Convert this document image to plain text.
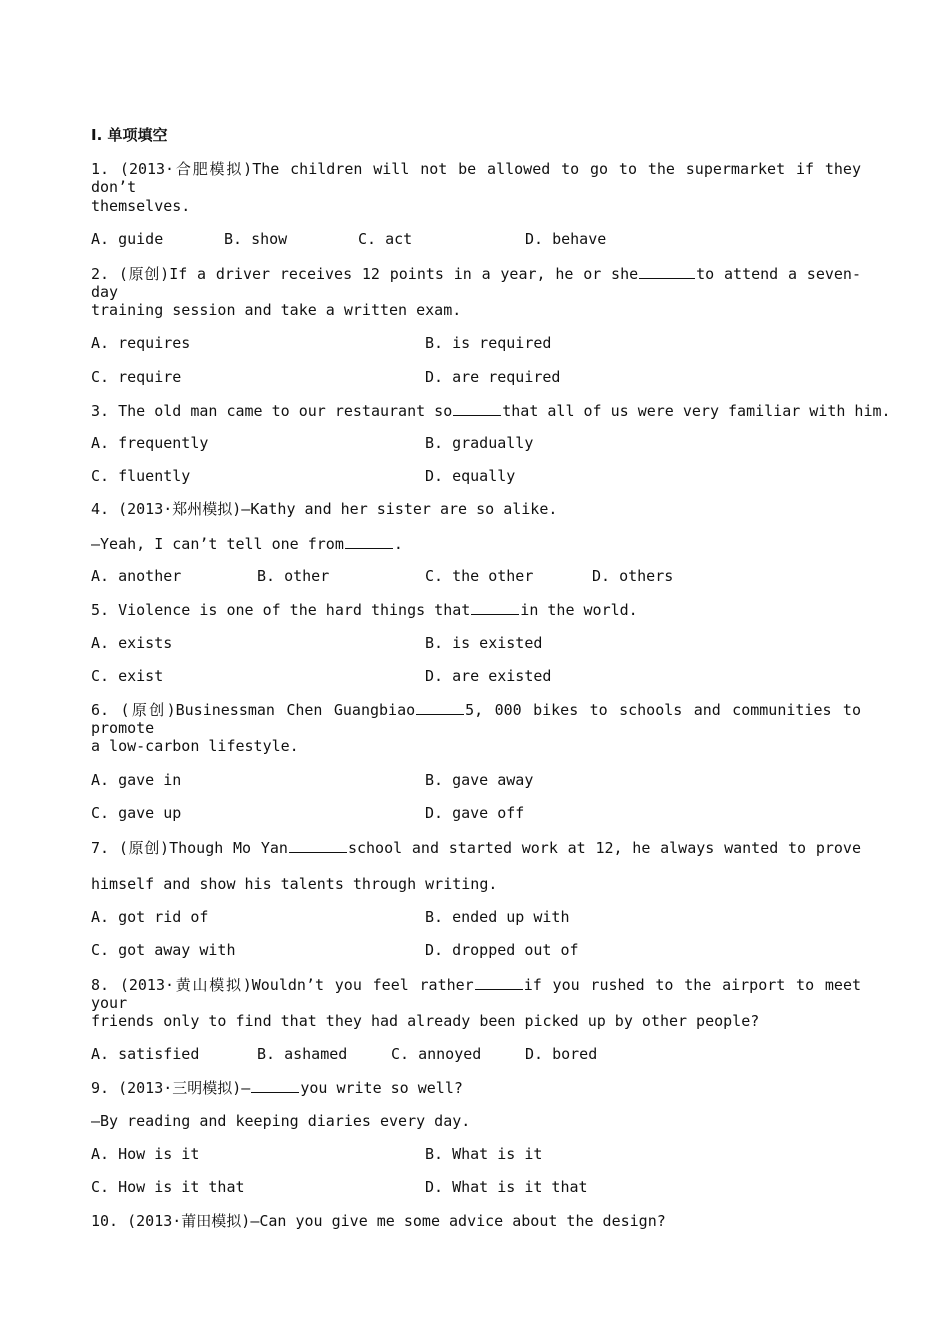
Ⅰ. 单项填空
1. (2013·合肥模拟)The children will not be allowed to go to the supermarket if they don’t
themselves.
A. guide	B. show	C. act	D. behave
2. (原创)If a driver receives 12 points in a year, he or she	to attend a seven-day
training session and take a written exam.
A. requires	B. is required
C. require	D. are required
3. The old man came to our restaurant so	that all of us were very familiar with him.
A. frequently	B. gradually
C. fluently	D. equally
4. (2013·郑州模拟)—Kathy and her sister are so alike.
—Yeah, I can’t tell one from	.
A. another	B. other	C. the other	D. others
5. Violence is one of the hard things that	in the world.
A. exists	B. is existed
C. exist	D. are existed
6. (原创)Businessman Chen Guangbiao	5, 000 bikes to schools and communities to promote
a low-carbon lifestyle.
A. gave in	B. gave away
C. gave up	D. gave off
7. (原创)Though Mo Yan	school and started work at 12, he always wanted to prove
himself and show his talents through writing.
A. got rid of	B. ended up with
C. got away with	D. dropped out of
8. (2013·黄山模拟)Wouldn’t you feel rather	if you rushed to the airport to meet your
friends only to find that they had already been picked up by other people?
A. satisfied	B. ashamed	C. annoyed	D. bored
9. (2013·三明模拟)—	you write so well?
—By reading and keeping diaries every day.
A. How is it	B. What is it
C. How is it that	D. What is it that
10. (2013·莆田模拟)—Can you give me some advice about the design?
